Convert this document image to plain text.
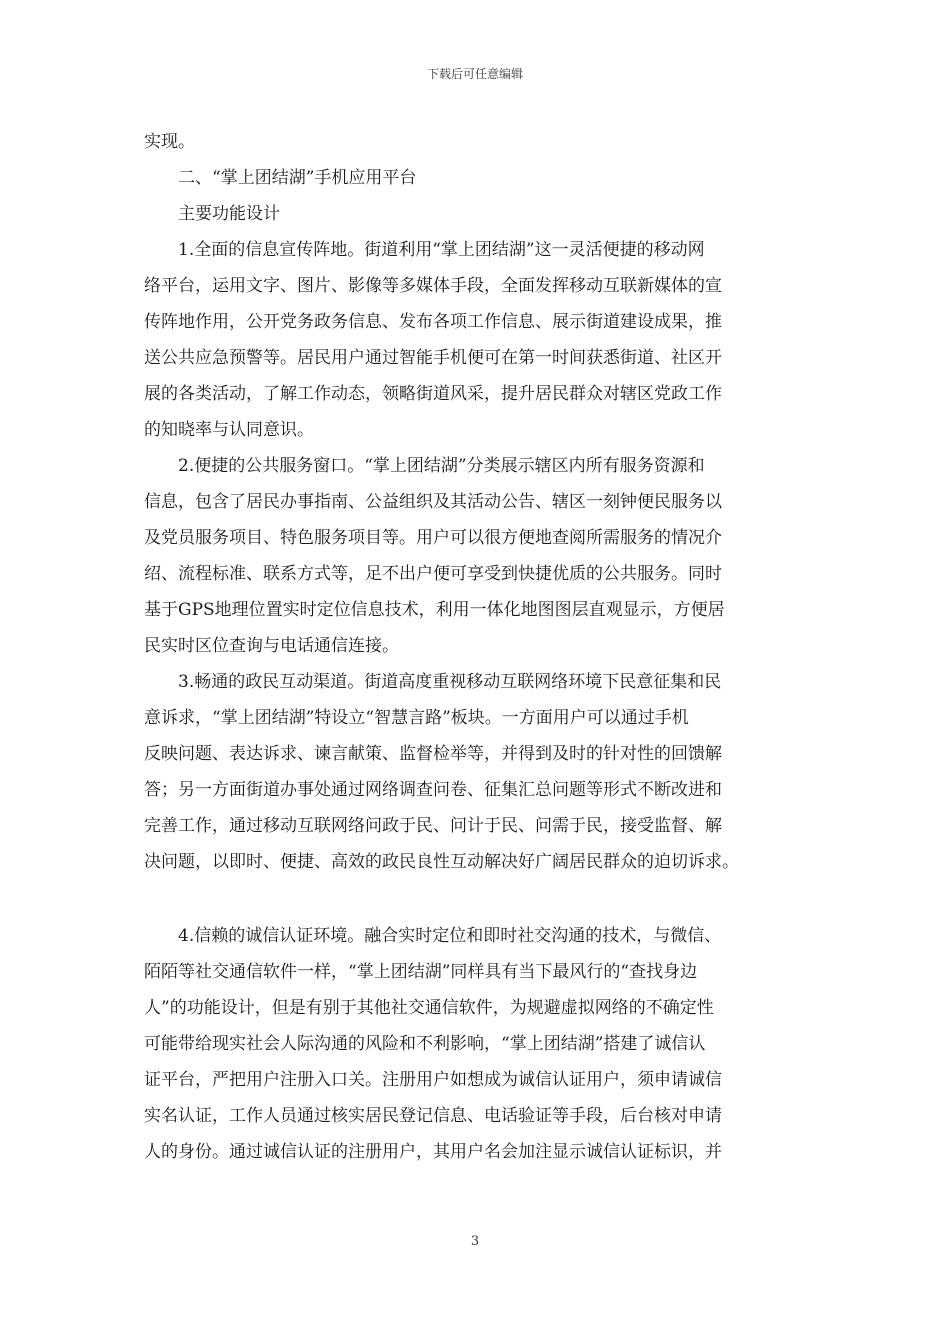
下载后可任意编辑
实现。
二、“掌上团结湖”手机应用平台
主要功能设计
1.全面的信息宣传阵地。街道利用“掌上团结湖”这一灵活便捷的移动网
络平台，运用文字、图片、影像等多媒体手段，全面发挥移动互联新媒体的宣
传阵地作用，公开党务政务信息、发布各项工作信息、展示街道建设成果，推
送公共应急预警等。居民用户通过智能手机便可在第一时间获悉街道、社区开
展的各类活动，了解工作动态，领略街道风采，提升居民群众对辖区党政工作
的知晓率与认同意识。
2.便捷的公共服务窗口。“掌上团结湖”分类展示辖区内所有服务资源和
信息，包含了居民办事指南、公益组织及其活动公告、辖区一刻钟便民服务以
及党员服务项目、特色服务项目等。用户可以很方便地查阅所需服务的情况介
绍、流程标准、联系方式等，足不出户便可享受到快捷优质的公共服务。同时
基于GPS地理位置实时定位信息技术，利用一体化地图图层直观显示，方便居
民实时区位查询与电话通信连接。
3.畅通的政民互动渠道。街道高度重视移动互联网络环境下民意征集和民
意诉求，“掌上团结湖”特设立“智慧言路”板块。一方面用户可以通过手机
反映问题、表达诉求、谏言献策、监督检举等，并得到及时的针对性的回馈解
答；另一方面街道办事处通过网络调查问卷、征集汇总问题等形式不断改进和
完善工作，通过移动互联网络问政于民、问计于民、问需于民，接受监督、解
决问题，以即时、便捷、高效的政民良性互动解决好广阔居民群众的迫切诉求。
4.信赖的诚信认证环境。融合实时定位和即时社交沟通的技术，与微信、
陌陌等社交通信软件一样，“掌上团结湖”同样具有当下最风行的“查找身边
人”的功能设计，但是有别于其他社交通信软件，为规避虚拟网络的不确定性
可能带给现实社会人际沟通的风险和不利影响，“掌上团结湖”搭建了诚信认
证平台，严把用户注册入口关。注册用户如想成为诚信认证用户，须申请诚信
实名认证，工作人员通过核实居民登记信息、电话验证等手段，后台核对申请
人的身份。通过诚信认证的注册用户，其用户名会加注显示诚信认证标识，并
3
